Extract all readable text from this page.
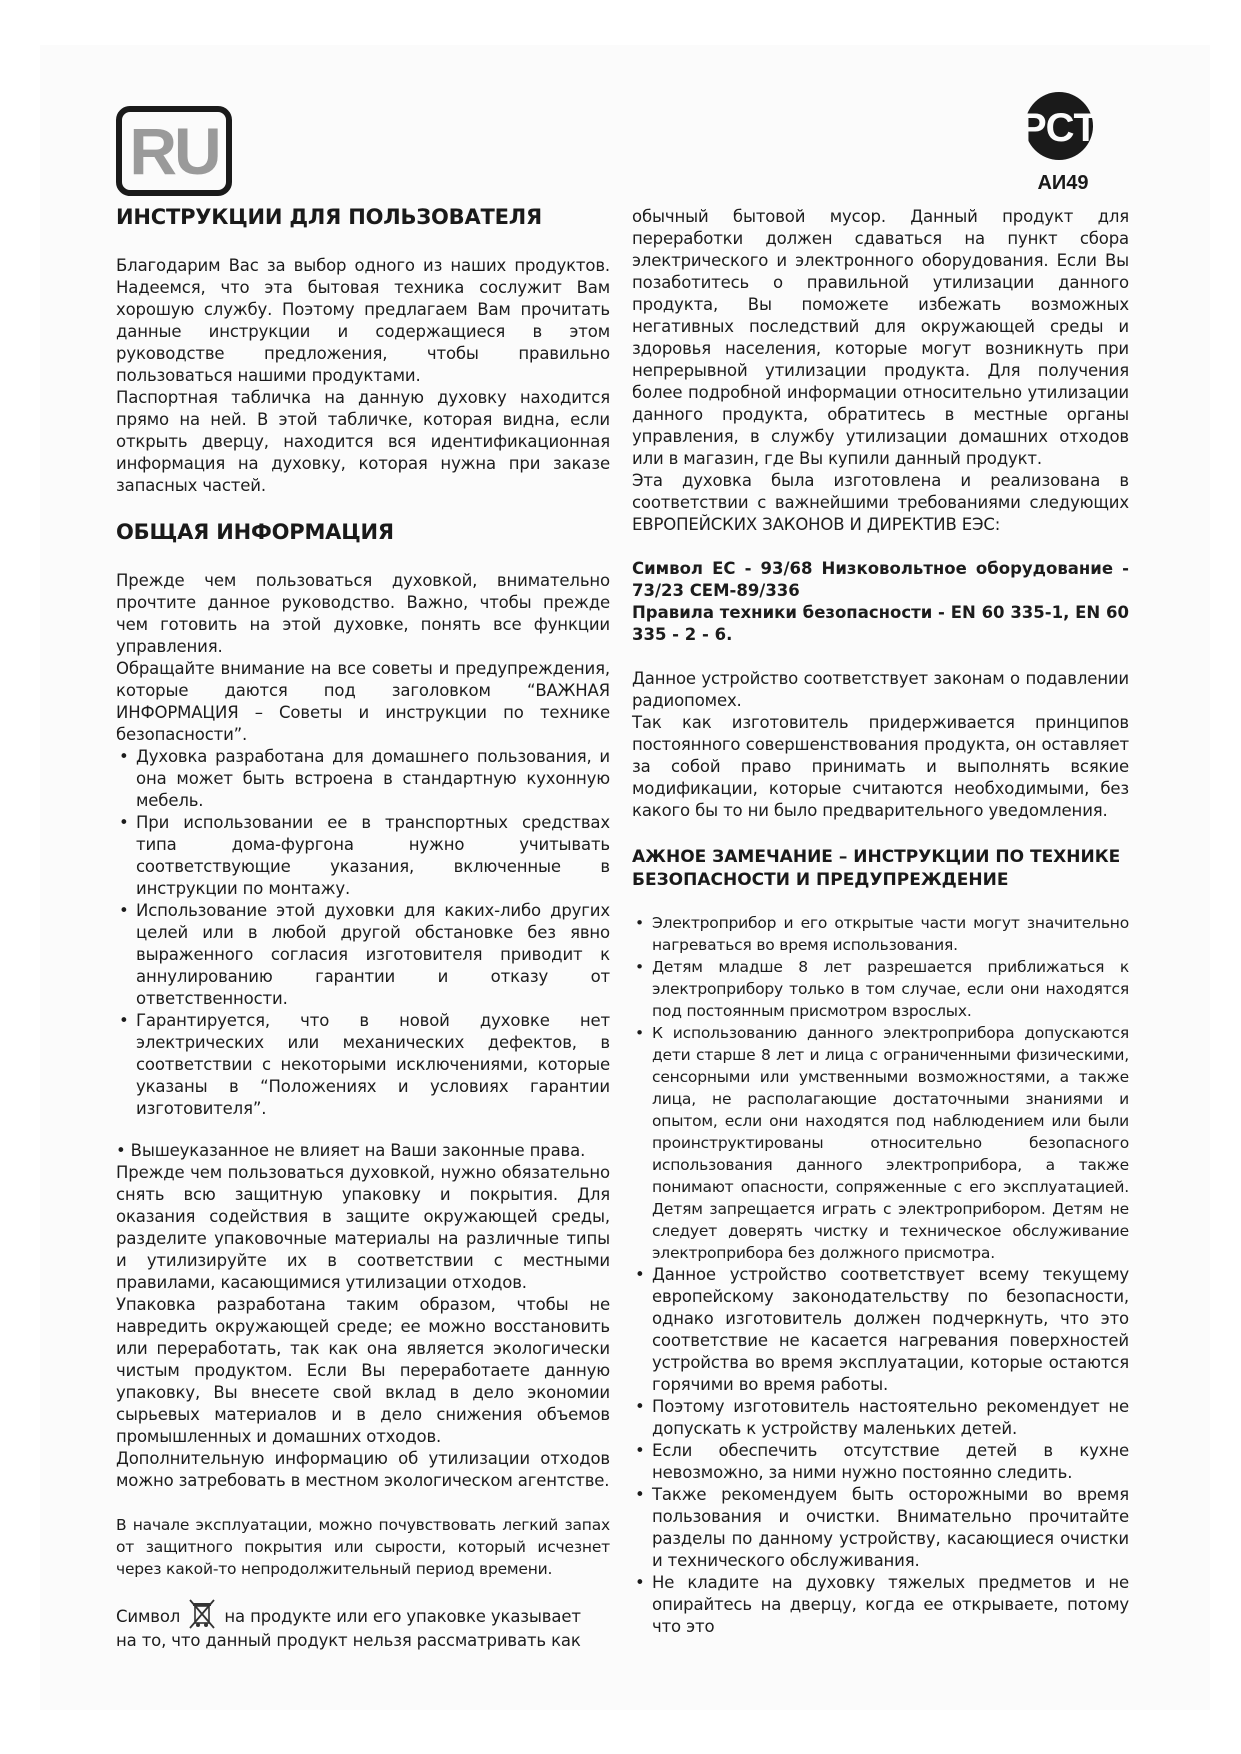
RU	РСТ
АИ49
ИНСТРУКЦИИ ДЛЯ ПОЛЬЗОВАТЕЛЯ

Благодарим Вас за выбор одного из наших продуктов. Надеемся, что эта бытовая техника сослужит Вам хорошую службу. Поэтому предлагаем Вам прочитать данные инструкции и содержащиеся в этом руководстве предложения, чтобы правильно пользоваться нашими продуктами.

Паспортная табличка на данную духовку находится прямо на ней. В этой табличке, которая видна, если открыть дверцу, находится вся идентификационная информация на духовку, которая нужна при заказе запасных частей.

ОБЩАЯ ИНФОРМАЦИЯ

Прежде чем пользоваться духовкой, внимательно прочтите данное руководство. Важно, чтобы прежде чем готовить на этой духовке, понять все функции управления.

Обращайте внимание на все советы и предупреждения, которые даются под заголовком “ВАЖНАЯ ИНФОРМАЦИЯ – Советы и инструкции по технике безопасности”.

• Духовка разработана для домашнего пользования, и она может быть встроена в стандартную кухонную мебель.
• При использовании ее в транспортных средствах типа дома-фургона нужно учитывать соответствующие указания, включенные в инструкции по монтажу.
• Использование этой духовки для каких-либо других целей или в любой другой обстановке без явно выраженного согласия изготовителя приводит к аннулированию гарантии и отказу от ответственности.
• Гарантируется, что в новой духовке нет электрических или механических дефектов, в соответствии с некоторыми исключениями, которые указаны в “Положениях и условиях гарантии изготовителя”.

• Вышеуказанное не влияет на Ваши законные права.

Прежде чем пользоваться духовкой, нужно обязательно снять всю защитную упаковку и покрытия. Для оказания содействия в защите окружающей среды, разделите упаковочные материалы на различные типы и утилизируйте их в соответствии с местными правилами, касающимися утилизации отходов.

Упаковка разработана таким образом, чтобы не навредить окружающей среде; ее можно восстановить или переработать, так как она является экологически чистым продуктом. Если Вы переработаете данную упаковку, Вы внесете свой вклад в дело экономии сырьевых материалов и в дело снижения объемов промышленных и домашних отходов.

Дополнительную информацию об утилизации отходов можно затребовать в местном экологическом агентстве.

В начале эксплуатации, можно почувствовать легкий запах от защитного покрытия или сырости, который исчезнет через какой-то непродолжительный период времени.

Символ	на продукте или его упаковке указывает
на то, что данный продукт нельзя рассматривать как

обычный бытовой мусор. Данный продукт для переработки должен сдаваться на пункт сбора электрического и электронного оборудования. Если Вы позаботитесь о правильной утилизации данного продукта, Вы поможете избежать возможных негативных последствий для окружающей среды и здоровья населения, которые могут возникнуть при непрерывной утилизации продукта. Для получения более подробной информации относительно утилизации данного продукта, обратитесь в местные органы управления, в службу утилизации домашних отходов или в магазин, где Вы купили данный продукт.

Эта духовка была изготовлена и реализована в соответствии с важнейшими требованиями следующих ЕВРОПЕЙСКИХ ЗАКОНОВ И ДИРЕКТИВ ЕЭС:

Символ ЕС - 93/68 Низковольтное оборудование - 73/23 СЕМ-89/336

Правила техники безопасности - EN 60 335-1, EN 60 335 - 2 - 6.

Данное устройство соответствует законам о подавлении радиопомех.

Так как изготовитель придерживается принципов постоянного совершенствования продукта, он оставляет за собой право принимать и выполнять всякие модификации, которые считаются необходимыми, без какого бы то ни было предварительного уведомления.

АЖНОЕ ЗАМЕЧАНИЕ – ИНСТРУКЦИИ ПО ТЕХНИКЕ БЕЗОПАСНОСТИ И ПРЕДУПРЕЖДЕНИЕ
• Электроприбор и его открытые части могут значительно нагреваться во время использования.
• Детям младше 8 лет разрешается приближаться к электроприбору только в том случае, если они находятся под постоянным присмотром взрослых.
• К использованию данного электроприбора допускаются дети старше 8 лет и лица с ограниченными физическими, сенсорными или умственными возможностями, а также лица, не располагающие достаточными знаниями и опытом, если они находятся под наблюдением или были проинструктированы относительно безопасного использования данного электроприбора, а также понимают опасности, сопряженные с его эксплуатацией. Детям запрещается играть с электроприбором. Детям не следует доверять чистку и техническое обслуживание электроприбора без должного присмотра.
• Данное устройство соответствует всему текущему европейскому законодательству по безопасности, однако изготовитель должен подчеркнуть, что это соответствие не касается нагревания поверхностей устройства во время эксплуатации, которые остаются горячими во время работы.
• Поэтому изготовитель настоятельно рекомендует не допускать к устройству маленьких детей.
• Если обеспечить отсутствие детей в кухне невозможно, за ними нужно постоянно следить.
• Также рекомендуем быть осторожными во время пользования и очистки. Внимательно прочитайте разделы по данному устройству, касающиеся очистки и технического обслуживания.
• Не кладите на духовку тяжелых предметов и не опирайтесь на дверцу, когда ее открываете, потому что это
